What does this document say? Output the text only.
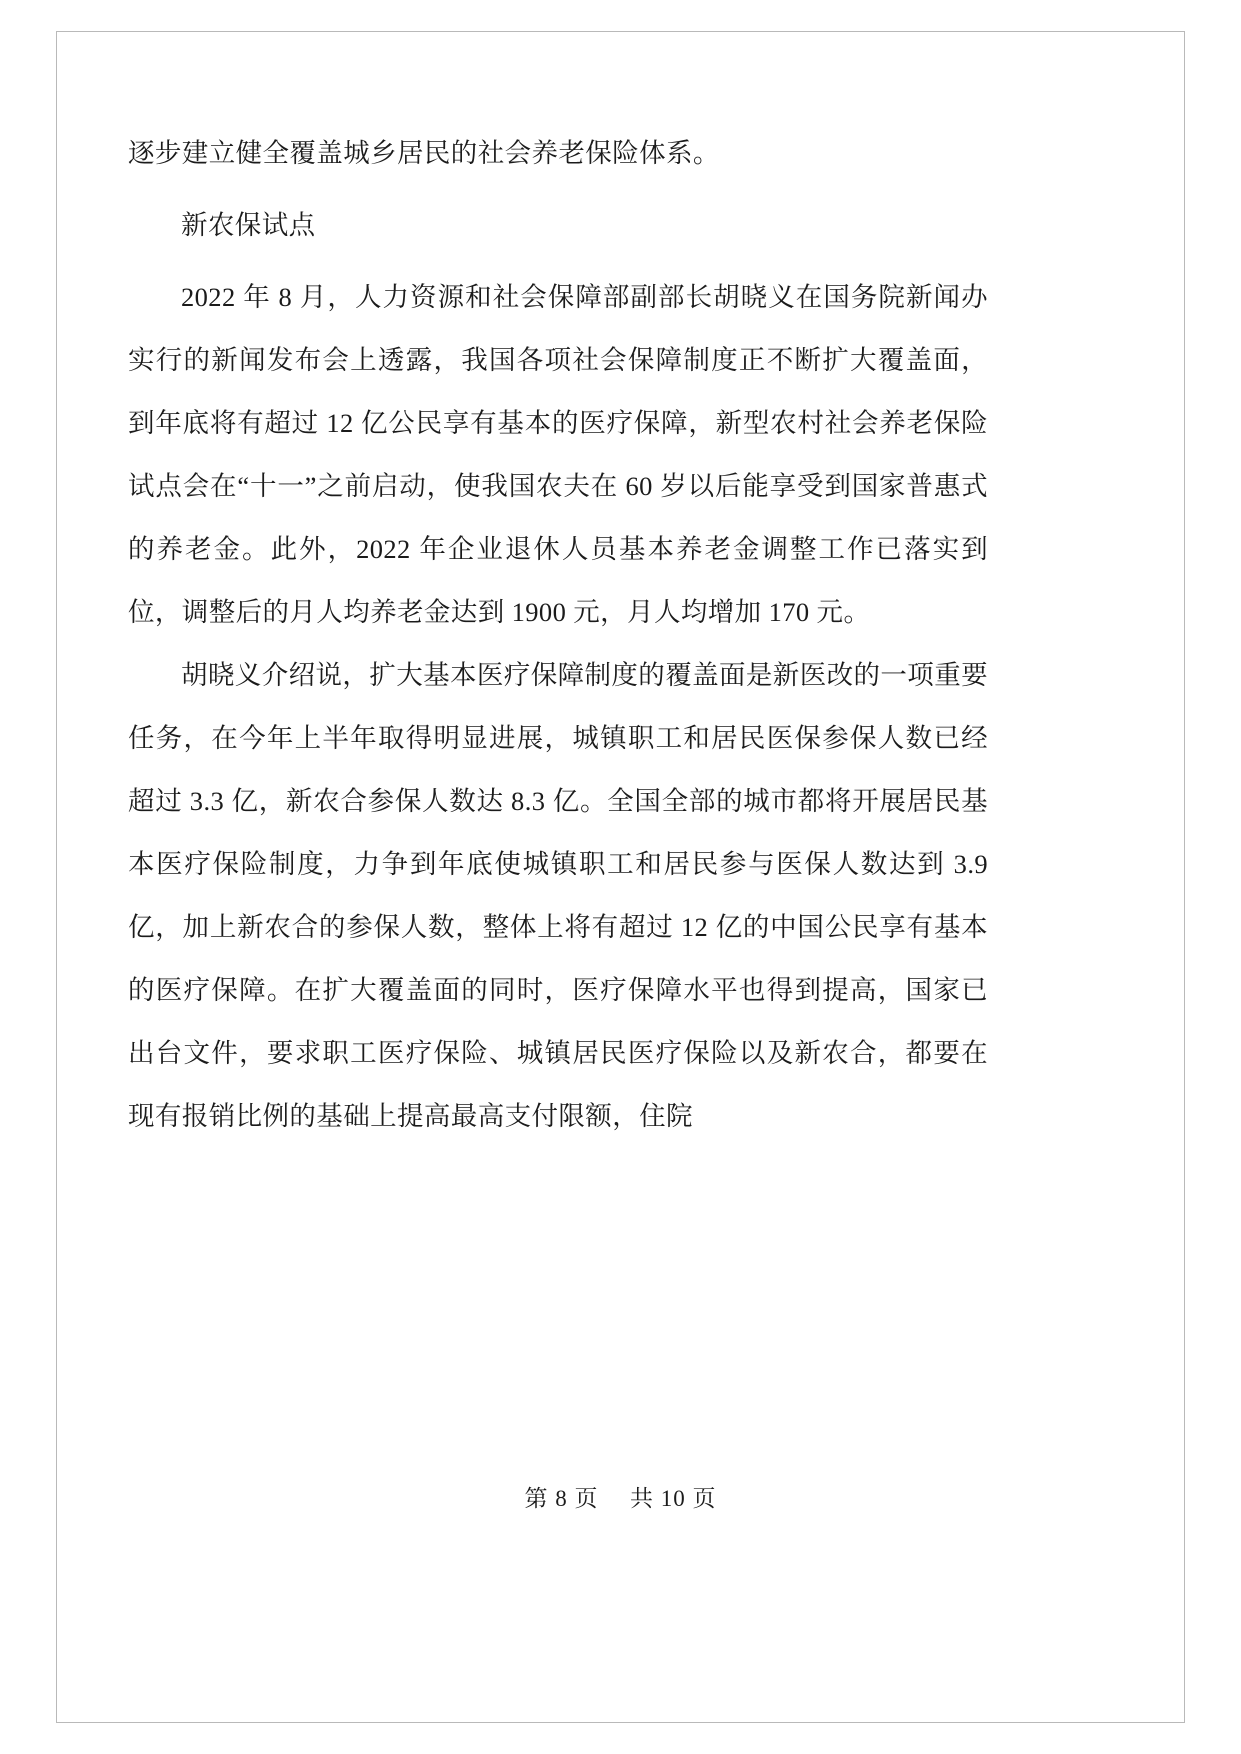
逐步建立健全覆盖城乡居民的社会养老保险体系。

新农保试点

2022 年 8 月，人力资源和社会保障部副部长胡晓义在国务院新闻办实行的新闻发布会上透露，我国各项社会保障制度正不断扩大覆盖面，到年底将有超过 12 亿公民享有基本的医疗保障，新型农村社会养老保险试点会在“十一”之前启动，使我国农夫在 60 岁以后能享受到国家普惠式的养老金。此外，2022 年企业退休人员基本养老金调整工作已落实到位，调整后的月人均养老金达到 1900 元，月人均增加 170 元。

胡晓义介绍说，扩大基本医疗保障制度的覆盖面是新医改的一项重要任务，在今年上半年取得明显进展，城镇职工和居民医保参保人数已经超过 3.3 亿，新农合参保人数达 8.3 亿。全国全部的城市都将开展居民基本医疗保险制度，力争到年底使城镇职工和居民参与医保人数达到 3.9 亿，加上新农合的参保人数，整体上将有超过 12 亿的中国公民享有基本的医疗保障。在扩大覆盖面的同时，医疗保障水平也得到提高，国家已出台文件，要求职工医疗保险、城镇居民医疗保险以及新农合，都要在现有报销比例的基础上提高最高支付限额，住院

第 8 页 共 10 页
